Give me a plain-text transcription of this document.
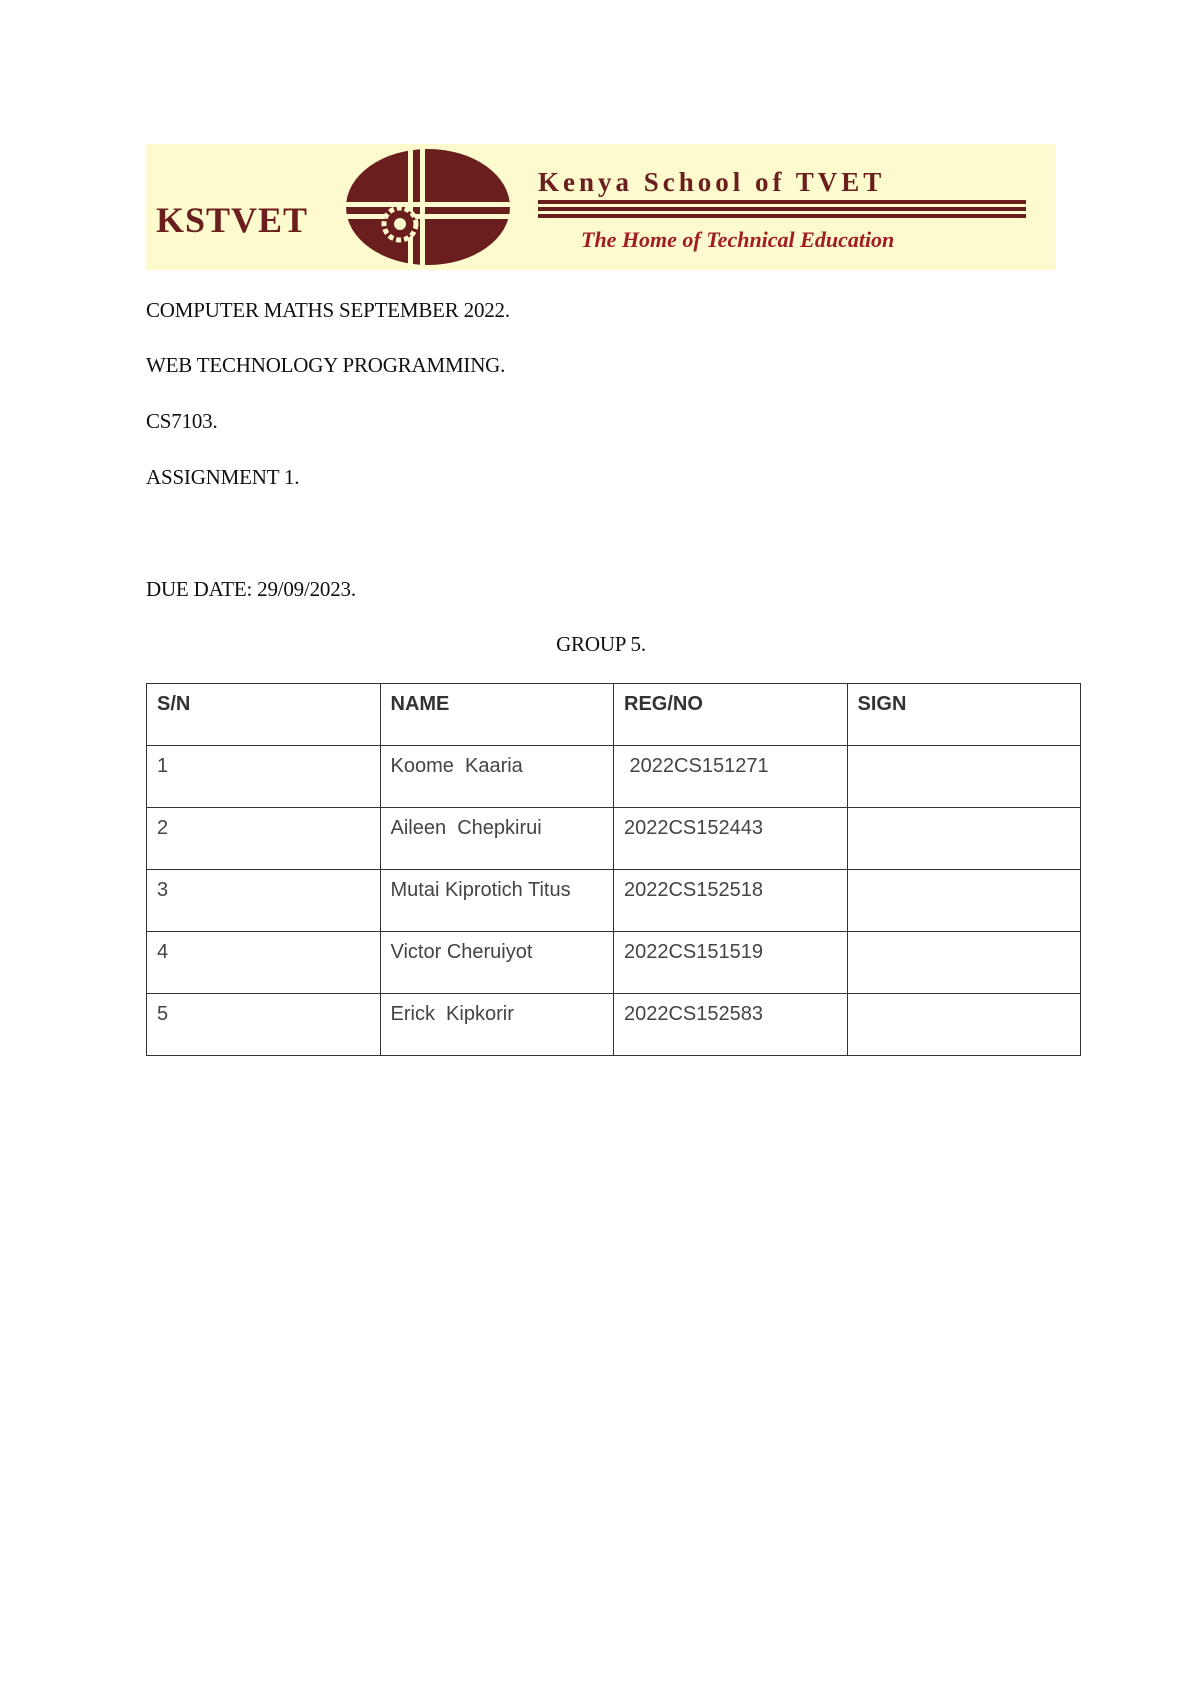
KSTVET
Kenya School of TVET
The Home of Technical Education
COMPUTER MATHS SEPTEMBER 2022.
WEB TECHNOLOGY PROGRAMMING.
CS7103.
ASSIGNMENT 1.
DUE DATE: 29/09/2023.
GROUP 5.
S/N	NAME	REG/NO	SIGN
1	Koome  Kaaria	2022CS151271	
2	Aileen  Chepkirui	2022CS152443	
3	Mutai Kiprotich Titus	2022CS152518	
4	Victor Cheruiyot	2022CS151519	
5	Erick  Kipkorir	2022CS152583	
